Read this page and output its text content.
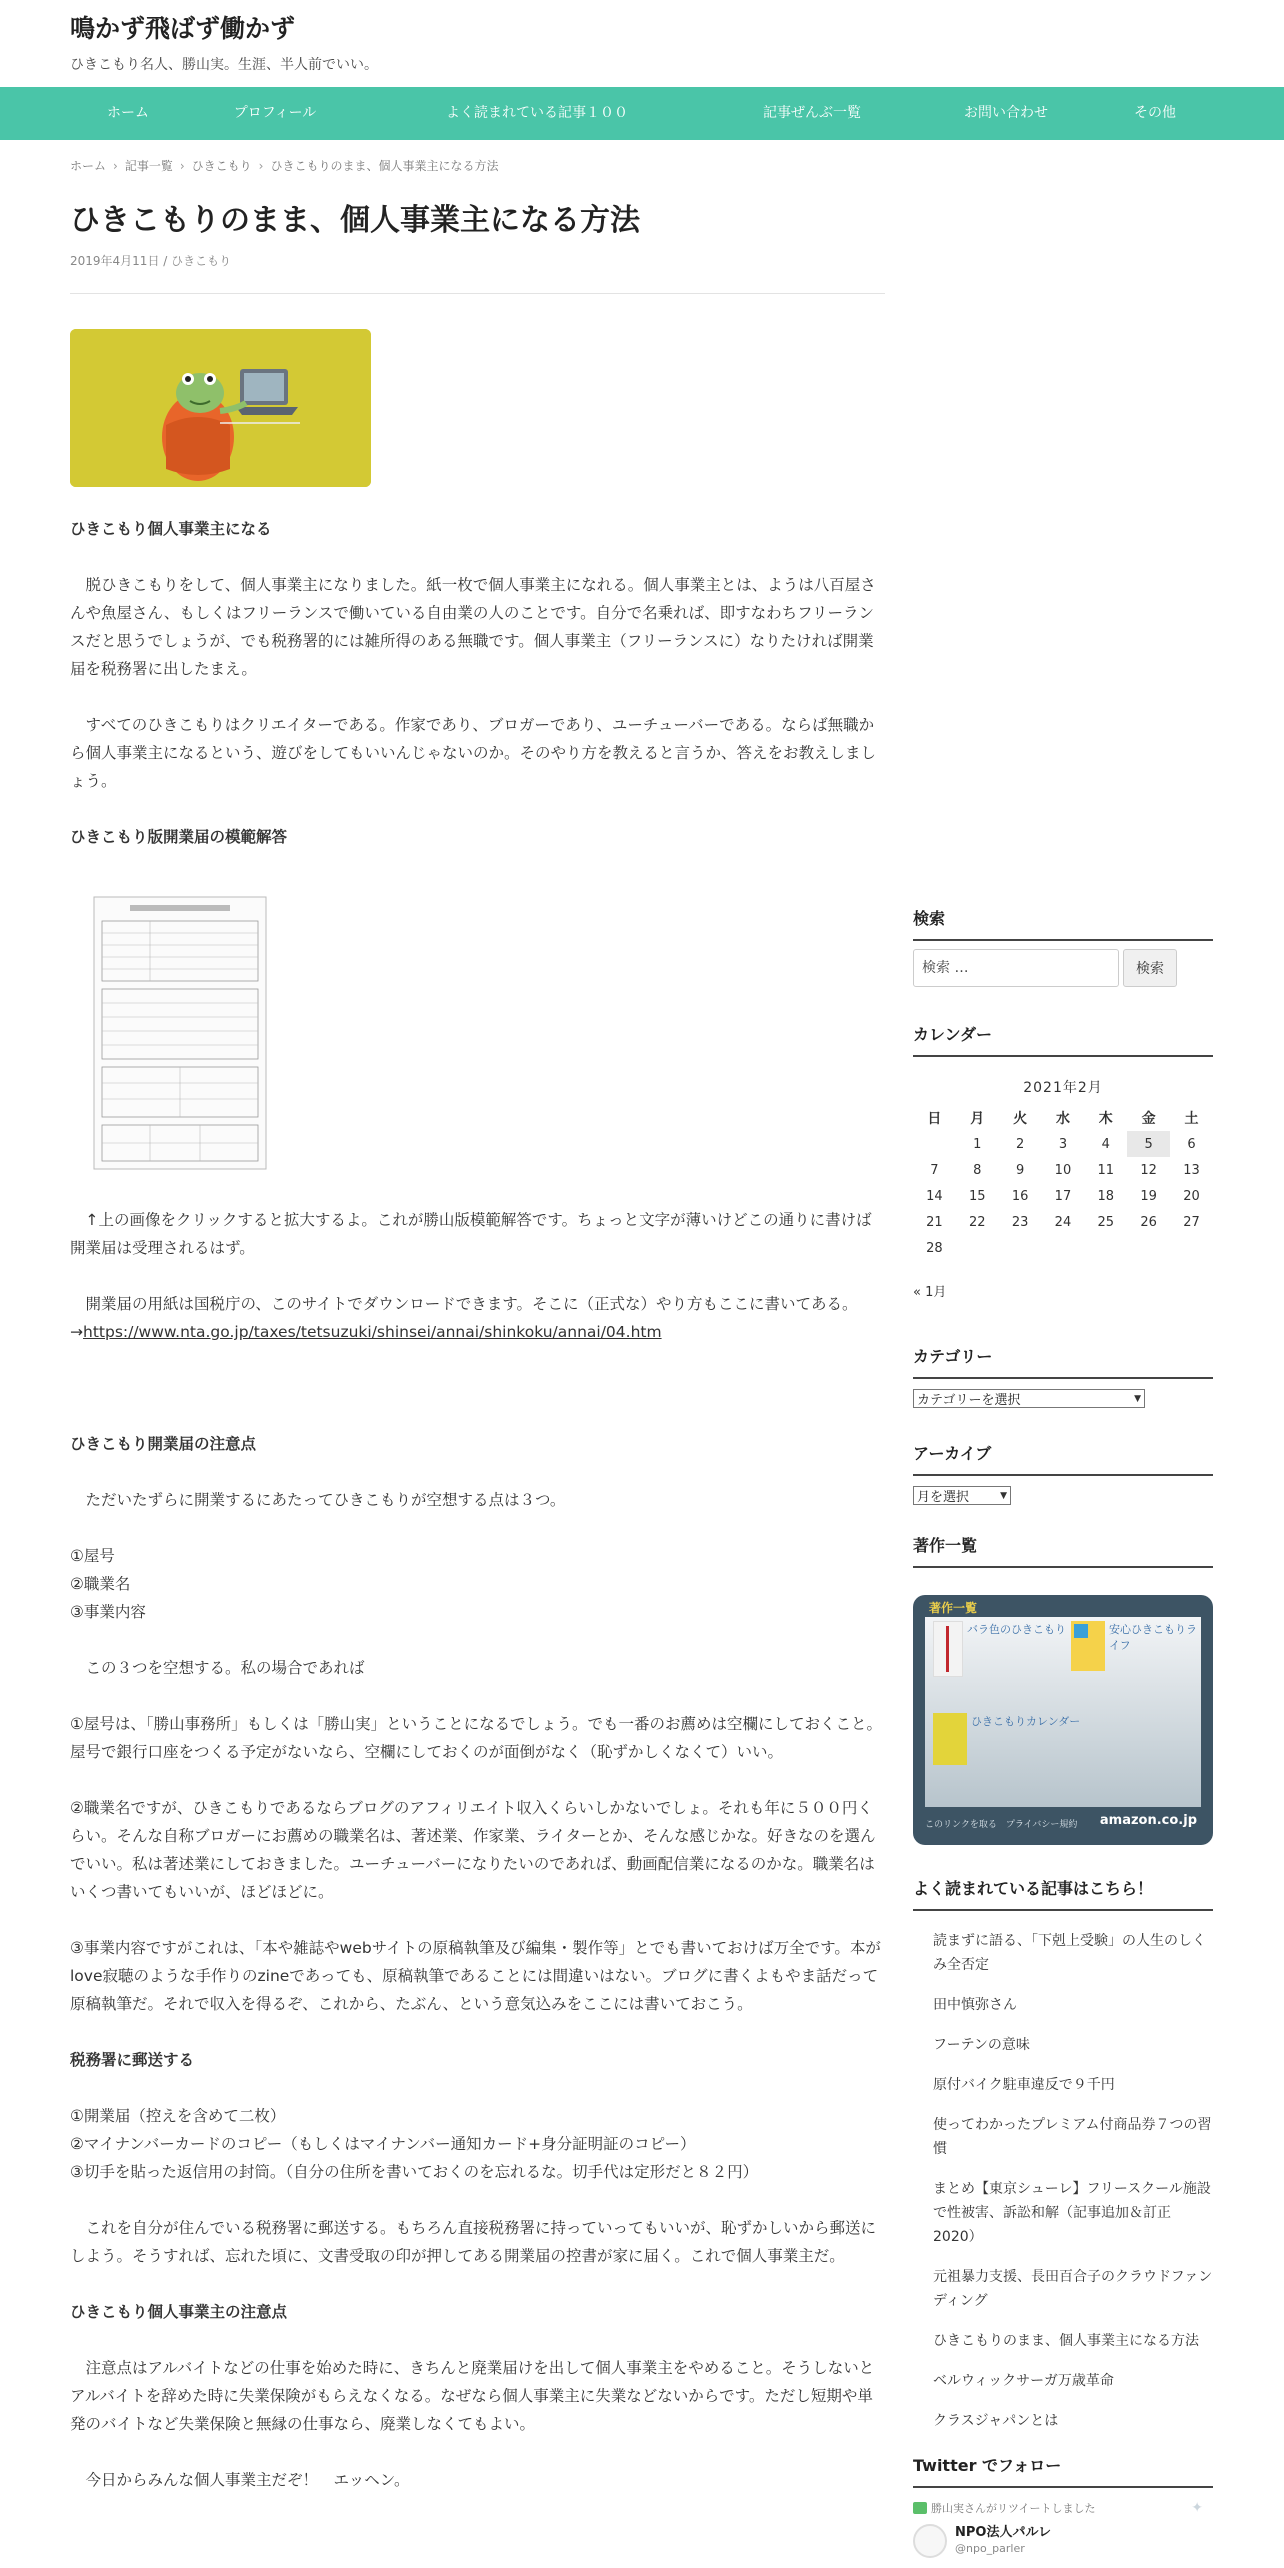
鳴かず飛ばず働かず
ひきこもり名人、勝山実。生涯、半人前でいい。
ホーム	プロフィール	よく読まれている記事１００	記事ぜんぶ一覧	お問い合わせ	その他
ホーム › 記事一覧 › ひきこもり › ひきこもりのまま、個人事業主になる方法
ひきこもりのまま、個人事業主になる方法
2019年4月11日 / ひきこもり

ひきこもり個人事業主になる

脱ひきこもりをして、個人事業主になりました。紙一枚で個人事業主になれる。個人事業主とは、ようは八百屋さんや魚屋さん、もしくはフリーランスで働いている自由業の人のことです。自分で名乗れば、即すなわちフリーランスだと思うでしょうが、でも税務署的には雑所得のある無職です。個人事業主（フリーランスに）なりたければ開業届を税務署に出したまえ。

すべてのひきこもりはクリエイターである。作家であり、ブロガーであり、ユーチューバーである。ならば無職から個人事業主になるという、遊びをしてもいいんじゃないのか。そのやり方を教えると言うか、答えをお教えしましょう。

ひきこもり版開業届の模範解答

↑上の画像をクリックすると拡大するよ。これが勝山版模範解答です。ちょっと文字が薄いけどこの通りに書けば開業届は受理されるはず。

開業届の用紙は国税庁の、このサイトでダウンロードできます。そこに（正式な）やり方もここに書いてある。→https://www.nta.go.jp/taxes/tetsuzuki/shinsei/annai/shinkoku/annai/04.htm

ひきこもり開業届の注意点

ただいたずらに開業するにあたってひきこもりが空想する点は３つ。

①屋号

②職業名

③事業内容

この３つを空想する。私の場合であれば

①屋号は、「勝山事務所」もしくは「勝山実」ということになるでしょう。でも一番のお薦めは空欄にしておくこと。屋号で銀行口座をつくる予定がないなら、空欄にしておくのが面倒がなく（恥ずかしくなくて）いい。

②職業名ですが、ひきこもりであるならブログのアフィリエイト収入くらいしかないでしょ。それも年に５００円くらい。そんな自称ブロガーにお薦めの職業名は、著述業、作家業、ライターとか、そんな感じかな。好きなのを選んでいい。私は著述業にしておきました。ユーチューバーになりたいのであれば、動画配信業になるのかな。職業名はいくつ書いてもいいが、ほどほどに。

③事業内容ですがこれは、「本や雑誌やwebサイトの原稿執筆及び編集・製作等」とでも書いておけば万全です。本がlove寂聴のような手作りのzineであっても、原稿執筆であることには間違いはない。ブログに書くよもやま話だって原稿執筆だ。それで収入を得るぞ、これから、たぶん、という意気込みをここには書いておこう。

税務署に郵送する

①開業届（控えを含めて二枚）

②マイナンバーカードのコピー（もしくはマイナンバー通知カード+身分証明証のコピー）

③切手を貼った返信用の封筒。（自分の住所を書いておくのを忘れるな。切手代は定形だと８２円）

これを自分が住んでいる税務署に郵送する。もちろん直接税務署に持っていってもいいが、恥ずかしいから郵送にしよう。そうすれば、忘れた頃に、文書受取の印が押してある開業届の控書が家に届く。これで個人事業主だ。

ひきこもり個人事業主の注意点

注意点はアルバイトなどの仕事を始めた時に、きちんと廃業届けを出して個人事業主をやめること。そうしないとアルバイトを辞めた時に失業保険がもらえなくなる。なぜなら個人事業主に失業などないからです。ただし短期や単発のバイトなど失業保険と無縁の仕事なら、廃業しなくてもよい。

今日からみんな個人事業主だぞ！　エッヘン。

検索
検索 …
検索
カレンダー
2021年2月
日	月	火	水	木	金	土
	1	2	3	4	5	6
7	8	9	10	11	12	13
14	15	16	17	18	19	20
21	22	23	24	25	26	27
28						
« 1月
カテゴリー
カテゴリーを選択	▼
アーカイブ
月を選択	▼
著作一覧
著作一覧
バラ色のひきこもり	安心ひきこもりライフ
ひきこもりカレンダー
このリンクを取る　プライバシー規約 amazon.co.jp
よく読まれている記事はこちら！
読まずに語る、「下剋上受験」の人生のしくみ全否定
田中慎弥さん
フーテンの意味
原付バイク駐車違反で９千円
使ってわかったプレミアム付商品券７つの習慣
まとめ【東京シューレ】フリースクール施設で性被害、訴訟和解（記事追加＆訂正2020）
元祖暴力支援、長田百合子のクラウドファンディング
ひきこもりのまま、個人事業主になる方法
ベルウィックサーガ万歳革命
クラスジャパンとは
Twitter でフォロー
勝山実さんがリツイートしました	✦
NPO法人パルレ
@npo_parler
